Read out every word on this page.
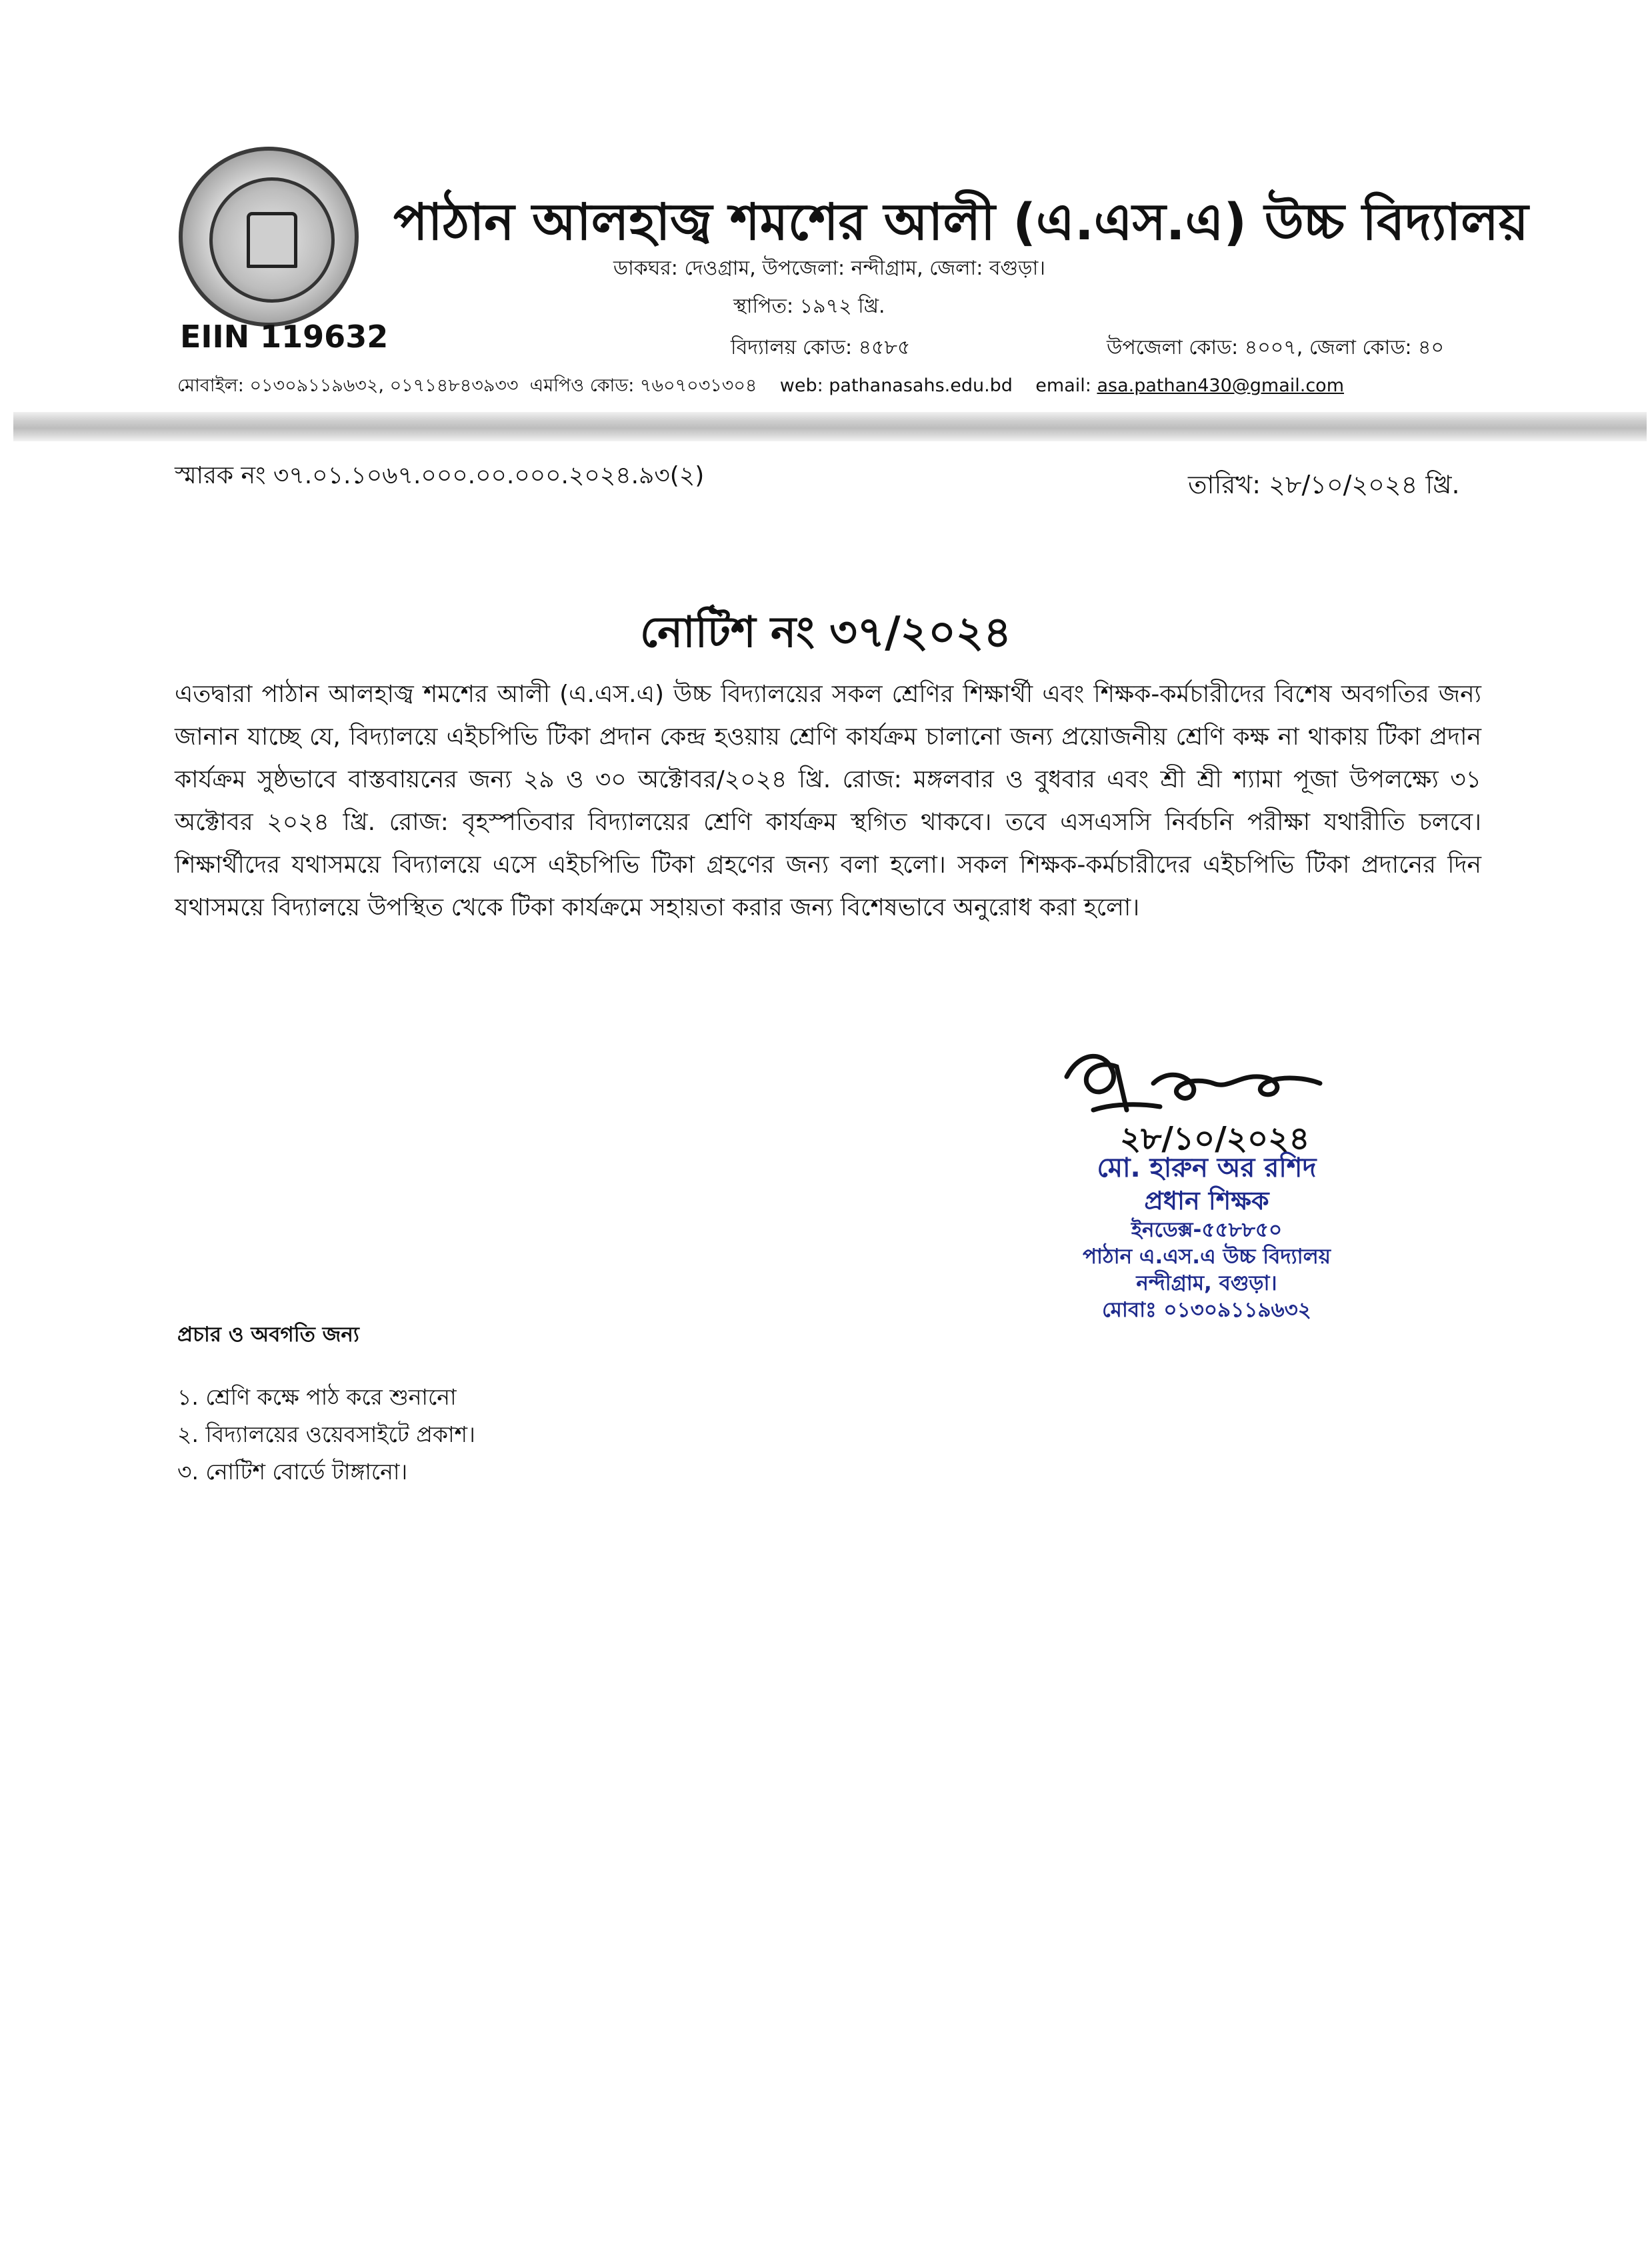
পাঠান আলহাজ্ব শমশের আলী (এ.এস.এ) উচ্চ বিদ্যালয়
ডাকঘর: দেওগ্রাম, উপজেলা: নন্দীগ্রাম, জেলা: বগুড়া।
স্থাপিত: ১৯৭২ খ্রি.
EIIN 119632	বিদ্যালয় কোড: ৪৫৮৫	উপজেলা কোড: ৪০০৭, জেলা কোড: ৪০
মোবাইল: ০১৩০৯১১৯৬৩২, ০১৭১৪৮৪৩৯৩৩ এমপিও কোড: ৭৬০৭০৩১৩০৪ web: pathanasahs.edu.bd email: asa.pathan430@gmail.com
স্মারক নং ৩৭.০১.১০৬৭.০০০.০০.০০০.২০২৪.৯৩(২)	তারিখ: ২৮/১০/২০২৪ খ্রি.
নোটিশ নং ৩৭/২০২৪
এতদ্বারা পাঠান আলহাজ্ব শমশের আলী (এ.এস.এ) উচ্চ বিদ্যালয়ের সকল শ্রেণির শিক্ষার্থী এবং শিক্ষক-কর্মচারীদের বিশেষ অবগতির জন্য জানান যাচ্ছে যে, বিদ্যালয়ে এইচপিভি টিকা প্রদান কেন্দ্র হওয়ায় শ্রেণি কার্যক্রম চালানো জন্য প্রয়োজনীয় শ্রেণি কক্ষ না থাকায় টিকা প্রদান কার্যক্রম সুষ্ঠভাবে বাস্তবায়নের জন্য ২৯ ও ৩০ অক্টোবর/২০২৪ খ্রি. রোজ: মঙ্গলবার ও বুধবার এবং শ্রী শ্রী শ্যামা পূজা উপলক্ষ্যে ৩১ অক্টোবর ২০২৪ খ্রি. রোজ: বৃহস্পতিবার বিদ্যালয়ের শ্রেণি কার্যক্রম স্থগিত থাকবে। তবে এসএসসি নির্বচনি পরীক্ষা যথারীতি চলবে। শিক্ষার্থীদের যথাসময়ে বিদ্যালয়ে এসে এইচপিভি টিকা গ্রহণের জন্য বলা হলো। সকল শিক্ষক-কর্মচারীদের এইচপিভি টিকা প্রদানের দিন যথাসময়ে বিদ্যালয়ে উপস্থিত খেকে টিকা কার্যক্রমে সহায়তা করার জন্য বিশেষভাবে অনুরোধ করা হলো।
২৮/১০/২০২৪
মো. হারুন অর রশিদ
প্রধান শিক্ষক
ইনডেক্স-৫৫৮৮৫০
পাঠান এ.এস.এ উচ্চ বিদ্যালয়
নন্দীগ্রাম, বগুড়া।
মোবাঃ ০১৩০৯১১৯৬৩২
প্রচার ও অবগতি জন্য
১. শ্রেণি কক্ষে পাঠ করে শুনানো
২. বিদ্যালয়ের ওয়েবসাইটে প্রকাশ।
৩. নোটিশ বোর্ডে টাঙ্গানো।
